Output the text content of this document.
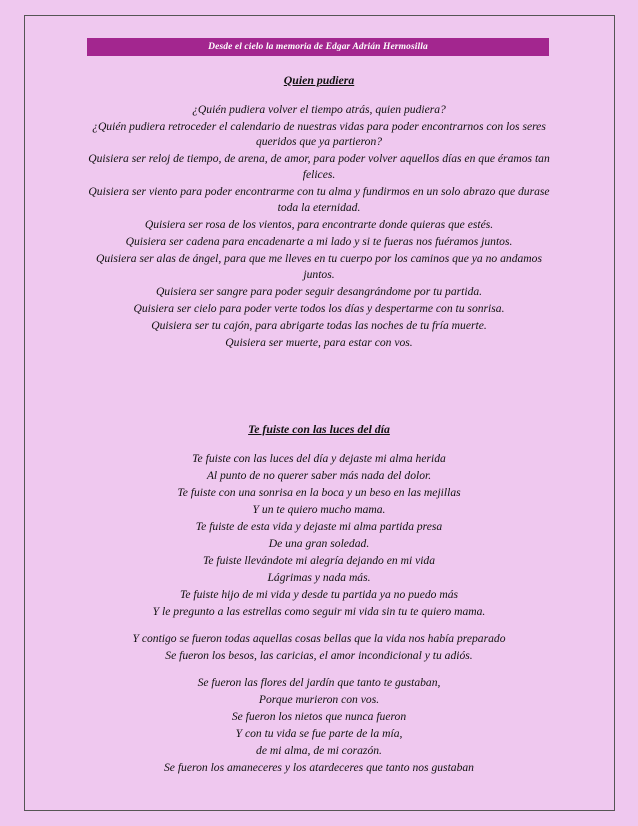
Desde el cielo la memoria de Edgar Adrián Hermosilla
Quien pudiera
¿Quién pudiera volver el tiempo atrás, quien pudiera?
¿Quién pudiera retroceder el calendario de nuestras vidas para poder encontrarnos con los seres queridos que ya partieron?
Quisiera ser reloj de tiempo, de arena, de amor, para poder volver aquellos días en que éramos tan felices.
Quisiera ser viento para poder encontrarme con tu alma y fundirmos en un solo abrazo que durase toda la eternidad.
Quisiera ser rosa de los vientos, para encontrarte donde quieras que estés.
Quisiera ser cadena para encadenarte a mi lado y si te fueras nos fuéramos juntos.
Quisiera ser alas de ángel, para que me lleves en tu cuerpo por los caminos que ya no andamos juntos.
Quisiera ser sangre para poder seguir desangrándome por tu partida.
Quisiera ser cielo para poder verte todos los días y despertarme con tu sonrisa.
Quisiera ser tu cajón, para abrigarte todas las noches de tu fría muerte.
Quisiera ser muerte, para estar con vos.
Te fuiste con las luces del día
Te fuiste con las luces del día y dejaste mi alma herida
Al punto de no querer saber más nada del dolor.
Te fuiste con una sonrisa en la boca y un beso en las mejillas
Y un te quiero mucho mama.
Te fuiste de esta vida y dejaste mi alma partida presa
De una gran soledad.
Te fuiste llevándote mi alegría dejando en mi vida
Lágrimas y nada más.
Te fuiste hijo de mi vida y desde tu partida ya no puedo más
Y le pregunto a las estrellas como seguir mi vida sin tu te quiero mama.
Y contigo se fueron todas aquellas cosas bellas que la vida nos había preparado
Se fueron los besos, las caricias, el amor incondicional y tu adiós.
Se fueron las flores del jardín que tanto te gustaban,
Porque murieron con vos.
Se fueron los nietos que nunca fueron
Y con tu vida se fue parte de la mía,
de mi alma, de mi corazón.
Se fueron los amaneceres y los atardeceres que tanto nos gustaban
